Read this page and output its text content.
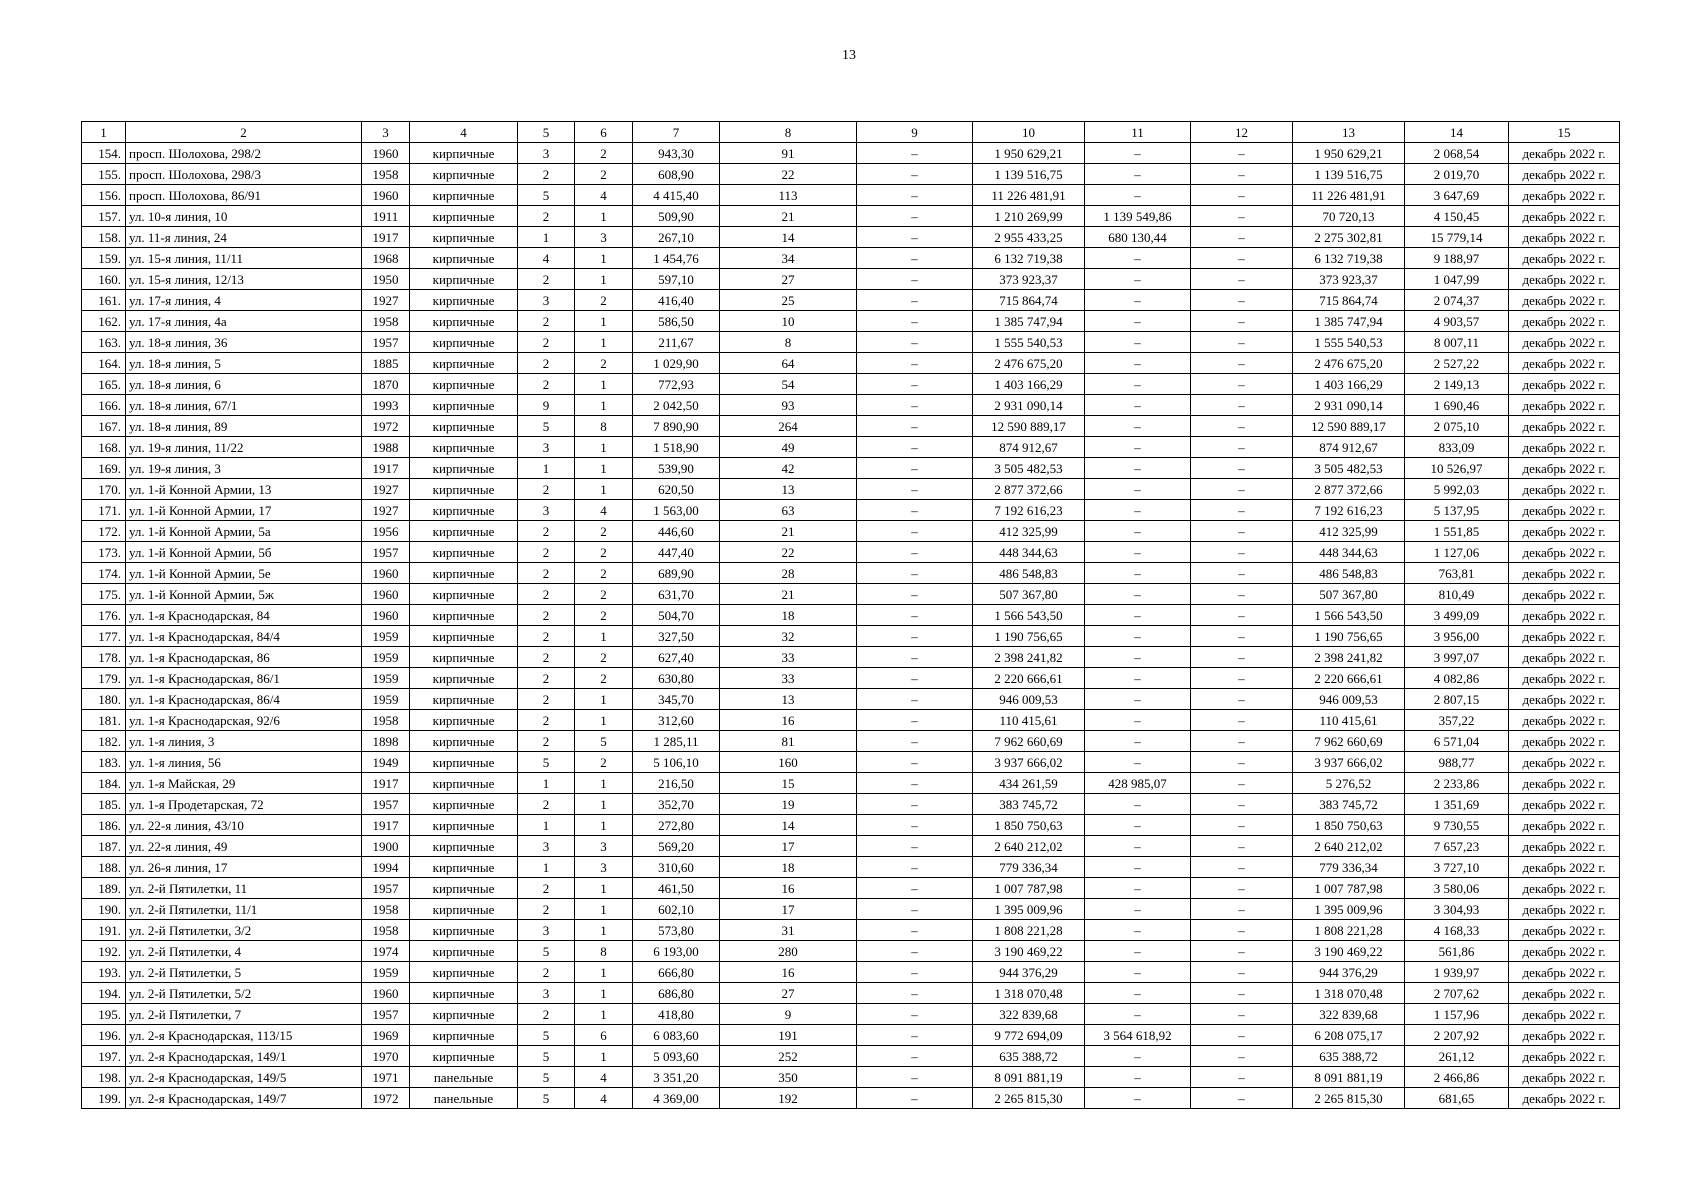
13
1	2	3	4	5	6	7	8	9	10	11	12	13	14	15
154.	просп. Шолохова, 298/2	1960	кирпичные	3	2	943,30	91	–	1 950 629,21	–	–	1 950 629,21	2 068,54	декабрь 2022 г.
155.	просп. Шолохова, 298/3	1958	кирпичные	2	2	608,90	22	–	1 139 516,75	–	–	1 139 516,75	2 019,70	декабрь 2022 г.
156.	просп. Шолохова, 86/91	1960	кирпичные	5	4	4 415,40	113	–	11 226 481,91	–	–	11 226 481,91	3 647,69	декабрь 2022 г.
157.	ул. 10-я линия, 10	1911	кирпичные	2	1	509,90	21	–	1 210 269,99	1 139 549,86	–	70 720,13	4 150,45	декабрь 2022 г.
158.	ул. 11-я линия, 24	1917	кирпичные	1	3	267,10	14	–	2 955 433,25	680 130,44	–	2 275 302,81	15 779,14	декабрь 2022 г.
159.	ул. 15-я линия, 11/11	1968	кирпичные	4	1	1 454,76	34	–	6 132 719,38	–	–	6 132 719,38	9 188,97	декабрь 2022 г.
160.	ул. 15-я линия, 12/13	1950	кирпичные	2	1	597,10	27	–	373 923,37	–	–	373 923,37	1 047,99	декабрь 2022 г.
161.	ул. 17-я линия, 4	1927	кирпичные	3	2	416,40	25	–	715 864,74	–	–	715 864,74	2 074,37	декабрь 2022 г.
162.	ул. 17-я линия, 4а	1958	кирпичные	2	1	586,50	10	–	1 385 747,94	–	–	1 385 747,94	4 903,57	декабрь 2022 г.
163.	ул. 18-я линия, 36	1957	кирпичные	2	1	211,67	8	–	1 555 540,53	–	–	1 555 540,53	8 007,11	декабрь 2022 г.
164.	ул. 18-я линия, 5	1885	кирпичные	2	2	1 029,90	64	–	2 476 675,20	–	–	2 476 675,20	2 527,22	декабрь 2022 г.
165.	ул. 18-я линия, 6	1870	кирпичные	2	1	772,93	54	–	1 403 166,29	–	–	1 403 166,29	2 149,13	декабрь 2022 г.
166.	ул. 18-я линия, 67/1	1993	кирпичные	9	1	2 042,50	93	–	2 931 090,14	–	–	2 931 090,14	1 690,46	декабрь 2022 г.
167.	ул. 18-я линия, 89	1972	кирпичные	5	8	7 890,90	264	–	12 590 889,17	–	–	12 590 889,17	2 075,10	декабрь 2022 г.
168.	ул. 19-я линия, 11/22	1988	кирпичные	3	1	1 518,90	49	–	874 912,67	–	–	874 912,67	833,09	декабрь 2022 г.
169.	ул. 19-я линия, 3	1917	кирпичные	1	1	539,90	42	–	3 505 482,53	–	–	3 505 482,53	10 526,97	декабрь 2022 г.
170.	ул. 1-й Конной Армии, 13	1927	кирпичные	2	1	620,50	13	–	2 877 372,66	–	–	2 877 372,66	5 992,03	декабрь 2022 г.
171.	ул. 1-й Конной Армии, 17	1927	кирпичные	3	4	1 563,00	63	–	7 192 616,23	–	–	7 192 616,23	5 137,95	декабрь 2022 г.
172.	ул. 1-й Конной Армии, 5а	1956	кирпичные	2	2	446,60	21	–	412 325,99	–	–	412 325,99	1 551,85	декабрь 2022 г.
173.	ул. 1-й Конной Армии, 5б	1957	кирпичные	2	2	447,40	22	–	448 344,63	–	–	448 344,63	1 127,06	декабрь 2022 г.
174.	ул. 1-й Конной Армии, 5е	1960	кирпичные	2	2	689,90	28	–	486 548,83	–	–	486 548,83	763,81	декабрь 2022 г.
175.	ул. 1-й Конной Армии, 5ж	1960	кирпичные	2	2	631,70	21	–	507 367,80	–	–	507 367,80	810,49	декабрь 2022 г.
176.	ул. 1-я Краснодарская, 84	1960	кирпичные	2	2	504,70	18	–	1 566 543,50	–	–	1 566 543,50	3 499,09	декабрь 2022 г.
177.	ул. 1-я Краснодарская, 84/4	1959	кирпичные	2	1	327,50	32	–	1 190 756,65	–	–	1 190 756,65	3 956,00	декабрь 2022 г.
178.	ул. 1-я Краснодарская, 86	1959	кирпичные	2	2	627,40	33	–	2 398 241,82	–	–	2 398 241,82	3 997,07	декабрь 2022 г.
179.	ул. 1-я Краснодарская, 86/1	1959	кирпичные	2	2	630,80	33	–	2 220 666,61	–	–	2 220 666,61	4 082,86	декабрь 2022 г.
180.	ул. 1-я Краснодарская, 86/4	1959	кирпичные	2	1	345,70	13	–	946 009,53	–	–	946 009,53	2 807,15	декабрь 2022 г.
181.	ул. 1-я Краснодарская, 92/6	1958	кирпичные	2	1	312,60	16	–	110 415,61	–	–	110 415,61	357,22	декабрь 2022 г.
182.	ул. 1-я линия, 3	1898	кирпичные	2	5	1 285,11	81	–	7 962 660,69	–	–	7 962 660,69	6 571,04	декабрь 2022 г.
183.	ул. 1-я линия, 56	1949	кирпичные	5	2	5 106,10	160	–	3 937 666,02	–	–	3 937 666,02	988,77	декабрь 2022 г.
184.	ул. 1-я Майская, 29	1917	кирпичные	1	1	216,50	15	–	434 261,59	428 985,07	–	5 276,52	2 233,86	декабрь 2022 г.
185.	ул. 1-я Продетарская, 72	1957	кирпичные	2	1	352,70	19	–	383 745,72	–	–	383 745,72	1 351,69	декабрь 2022 г.
186.	ул. 22-я линия, 43/10	1917	кирпичные	1	1	272,80	14	–	1 850 750,63	–	–	1 850 750,63	9 730,55	декабрь 2022 г.
187.	ул. 22-я линия, 49	1900	кирпичные	3	3	569,20	17	–	2 640 212,02	–	–	2 640 212,02	7 657,23	декабрь 2022 г.
188.	ул. 26-я линия, 17	1994	кирпичные	1	3	310,60	18	–	779 336,34	–	–	779 336,34	3 727,10	декабрь 2022 г.
189.	ул. 2-й Пятилетки, 11	1957	кирпичные	2	1	461,50	16	–	1 007 787,98	–	–	1 007 787,98	3 580,06	декабрь 2022 г.
190.	ул. 2-й Пятилетки, 11/1	1958	кирпичные	2	1	602,10	17	–	1 395 009,96	–	–	1 395 009,96	3 304,93	декабрь 2022 г.
191.	ул. 2-й Пятилетки, 3/2	1958	кирпичные	3	1	573,80	31	–	1 808 221,28	–	–	1 808 221,28	4 168,33	декабрь 2022 г.
192.	ул. 2-й Пятилетки, 4	1974	кирпичные	5	8	6 193,00	280	–	3 190 469,22	–	–	3 190 469,22	561,86	декабрь 2022 г.
193.	ул. 2-й Пятилетки, 5	1959	кирпичные	2	1	666,80	16	–	944 376,29	–	–	944 376,29	1 939,97	декабрь 2022 г.
194.	ул. 2-й Пятилетки, 5/2	1960	кирпичные	3	1	686,80	27	–	1 318 070,48	–	–	1 318 070,48	2 707,62	декабрь 2022 г.
195.	ул. 2-й Пятилетки, 7	1957	кирпичные	2	1	418,80	9	–	322 839,68	–	–	322 839,68	1 157,96	декабрь 2022 г.
196.	ул. 2-я Краснодарская, 113/15	1969	кирпичные	5	6	6 083,60	191	–	9 772 694,09	3 564 618,92	–	6 208 075,17	2 207,92	декабрь 2022 г.
197.	ул. 2-я Краснодарская, 149/1	1970	кирпичные	5	1	5 093,60	252	–	635 388,72	–	–	635 388,72	261,12	декабрь 2022 г.
198.	ул. 2-я Краснодарская, 149/5	1971	панельные	5	4	3 351,20	350	–	8 091 881,19	–	–	8 091 881,19	2 466,86	декабрь 2022 г.
199.	ул. 2-я Краснодарская, 149/7	1972	панельные	5	4	4 369,00	192	–	2 265 815,30	–	–	2 265 815,30	681,65	декабрь 2022 г.
